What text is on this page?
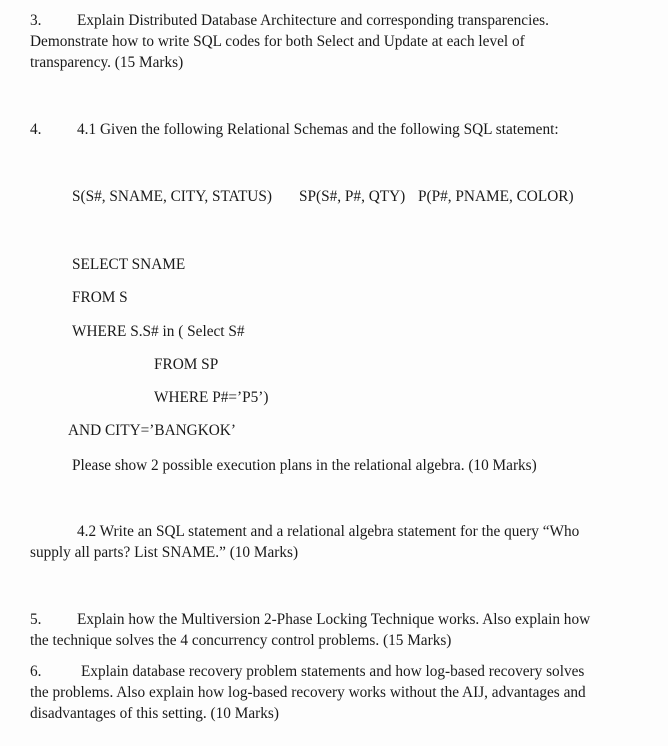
3. Explain Distributed Database Architecture and corresponding transparencies.
Demonstrate how to write SQL codes for both Select and Update at each level of
transparency. (15 Marks)
4. 4.1 Given the following Relational Schemas and the following SQL statement:
S(S#, SNAME, CITY, STATUS) SP(S#, P#, QTY) P(P#, PNAME, COLOR)
SELECT SNAME
FROM S
WHERE S.S# in ( Select S#
FROM SP
WHERE P#=’P5’)
AND CITY=’BANGKOK’
Please show 2 possible execution plans in the relational algebra. (10 Marks)
4.2 Write an SQL statement and a relational algebra statement for the query “Who
supply all parts? List SNAME.” (10 Marks)
5. Explain how the Multiversion 2-Phase Locking Technique works. Also explain how
the technique solves the 4 concurrency control problems. (15 Marks)
6.	Explain database recovery problem statements and how log-based recovery solves
the problems. Also explain how log-based recovery works without the AIJ, advantages and
disadvantages of this setting. (10 Marks)
